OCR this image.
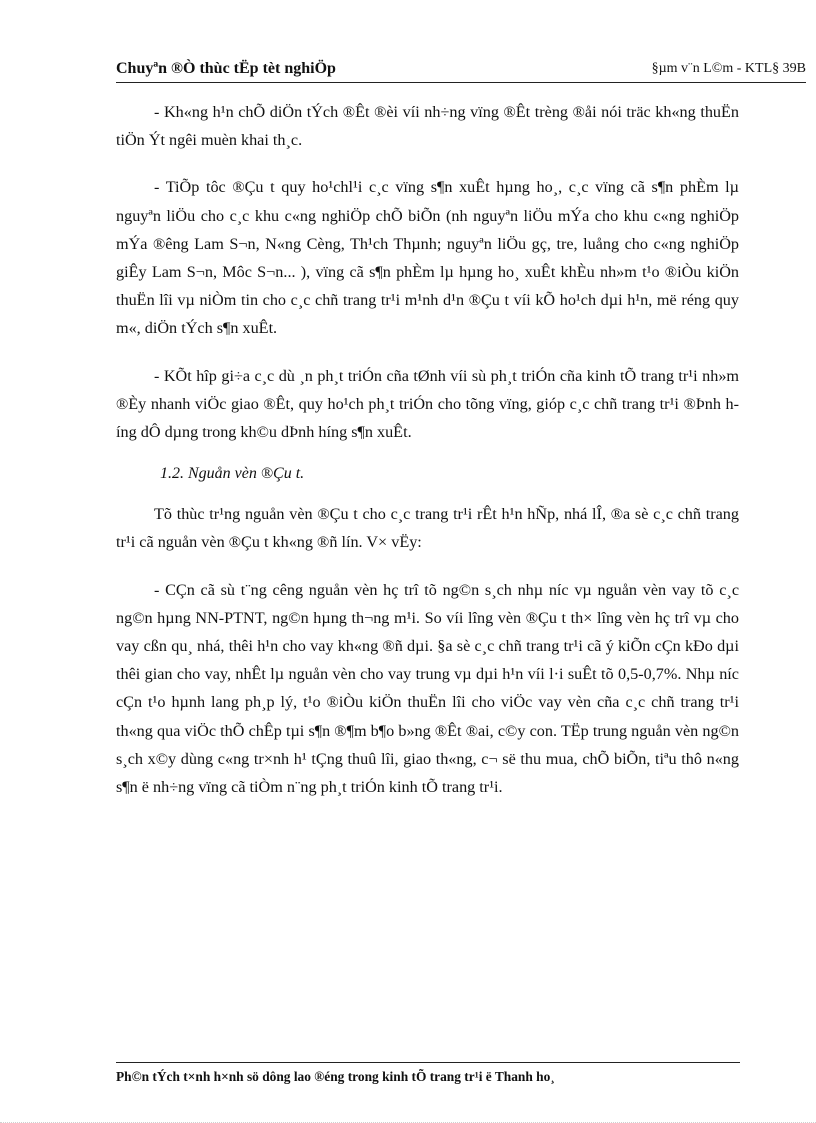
Chuyªn ®Ò thùc tËp tèt nghiÖp	§µm v¨n L©m - KTL§ 39B

- Kh«ng h¹n chÕ diÖn tÝch ®Êt ®èi víi nh÷ng vïng ®Êt trèng ®åi nói träc kh«ng thuËn tiÖn Ýt ngêi muèn khai th¸c.

- TiÕp tôc ®Çu t quy ho¹chl¹i c¸c vïng s¶n xuÊt hµng ho¸, c¸c vïng cã s¶n phÈm lµ nguyªn liÖu cho c¸c khu c«ng nghiÖp chÕ biÕn (nh nguyªn liÖu mÝa cho khu c«ng nghiÖp mÝa ®êng Lam S¬n, N«ng Cèng, Th¹ch Thµnh; nguyªn liÖu gç, tre, luång cho c«ng nghiÖp giÊy Lam S¬n, Môc S¬n... ), vïng cã s¶n phÈm lµ hµng ho¸ xuÊt khÈu nh»m t¹o ®iÒu kiÖn thuËn lîi vµ niÒm tin cho c¸c chñ trang tr¹i m¹nh d¹n ®Çu t víi kÕ ho¹ch dµi h¹n, më réng quy m«, diÖn tÝch s¶n xuÊt.

- KÕt hîp gi÷a c¸c dù ¸n ph¸t triÓn cña tØnh víi sù ph¸t triÓn cña kinh tÕ trang tr¹i nh»m ®Èy nhanh viÖc giao ®Êt, quy ho¹ch ph¸t triÓn cho tõng vïng, gióp c¸c chñ trang tr¹i ®Þnh híng dÔ dµng trong kh©u dÞnh híng s¶n xuÊt.

1.2. Nguån vèn ®Çu t.

Tõ thùc tr¹ng nguån vèn ®Çu t cho c¸c trang tr¹i rÊt h¹n hÑp, nhá lÎ, ®a sè c¸c chñ trang tr¹i cã nguån vèn ®Çu t kh«ng ®ñ lín. V× vËy:

- CÇn cã sù t¨ng cêng nguån vèn hç trî tõ ng©n s¸ch nhµ níc vµ nguån vèn vay tõ c¸c ng©n hµng NN-PTNT, ng©n hµng th¬ng m¹i. So víi lîng vèn ®Çu t th× lîng vèn hç trî vµ cho vay cßn qu¸ nhá, thêi h¹n cho vay kh«ng ®ñ dµi. §a sè c¸c chñ trang tr¹i cã ý kiÕn cÇn kÐo dµi thêi gian cho vay, nhÊt lµ nguån vèn cho vay trung vµ dµi h¹n víi l·i suÊt tõ 0,5-0,7%. Nhµ níc cÇn t¹o hµnh lang ph¸p lý, t¹o ®iÒu kiÖn thuËn lîi cho viÖc vay vèn cña c¸c chñ trang tr¹i th«ng qua viÖc thÕ chÊp tµi s¶n ®¶m b¶o b»ng ®Êt ®ai, c©y con. TËp trung nguån vèn ng©n s¸ch x©y dùng c«ng tr×nh h¹ tÇng thuû lîi, giao th«ng, c¬ së thu mua, chÕ biÕn, tiªu thô n«ng s¶n ë nh÷ng vïng cã tiÒm n¨ng ph¸t triÓn kinh tÕ trang tr¹i.

Ph©n tÝch t×nh h×nh sö dông lao ®éng trong kinh tÕ trang tr¹i ë Thanh ho¸
